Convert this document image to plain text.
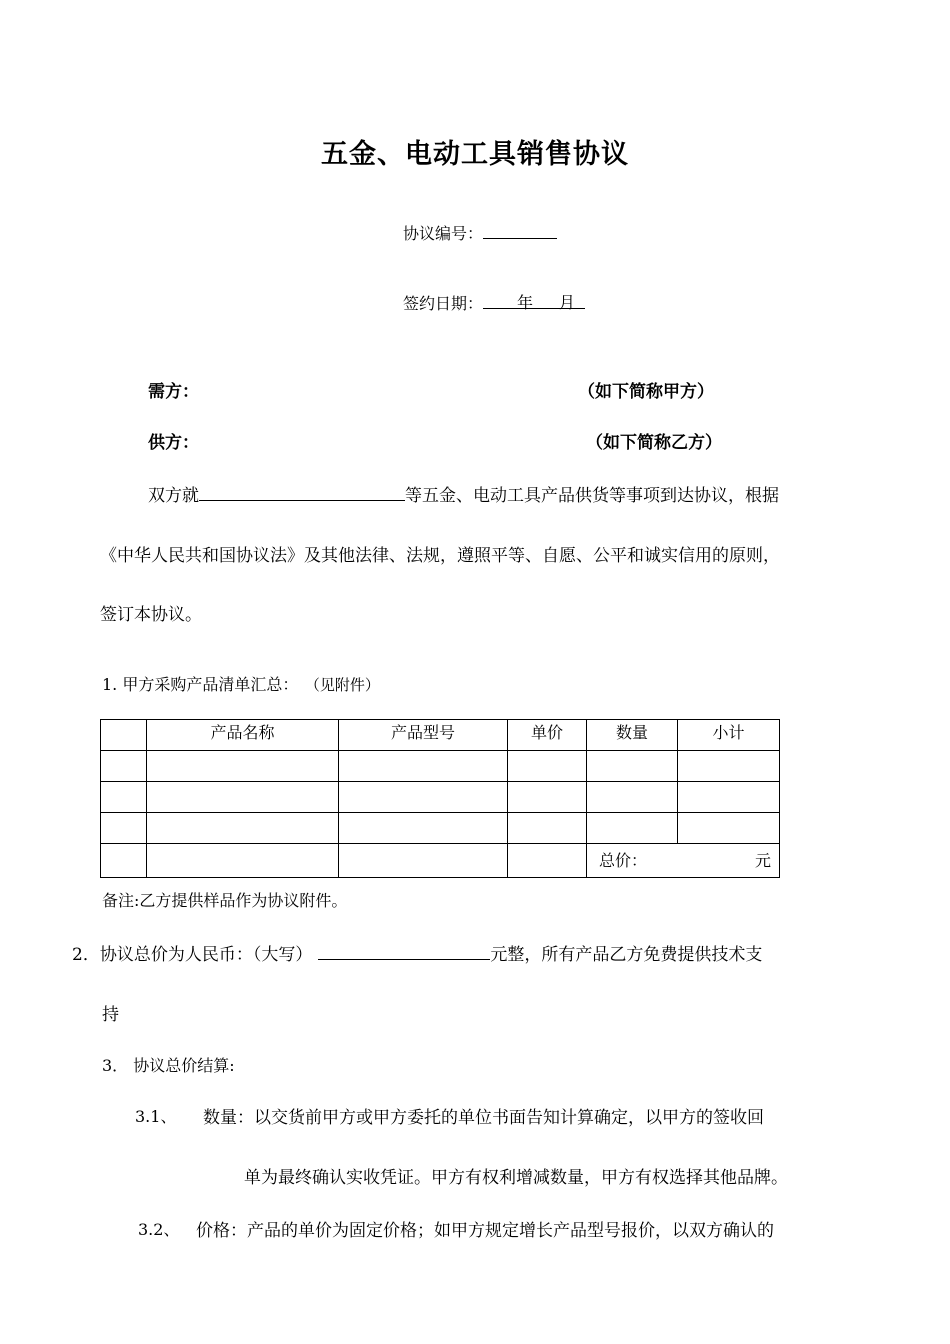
五金、电动工具销售协议
协议编号：
签约日期： 年 月
需方：	（如下简称甲方）
供方：	（如下简称乙方）
双方就	等五金、电动工具产品供货等事项到达协议，根据
《中华人民共和国协议法》及其他法律、法规，遵照平等、自愿、公平和诚实信用的原则，
签订本协议。
1. 甲方采购产品清单汇总： （见附件）
	产品名称	产品型号	单价	数量	小计

				总价： 元	
备注:乙方提供样品作为协议附件。
2．协议总价为人民币：（大写）	元整，所有产品乙方免费提供技术支
持
3． 协议总价结算:
3.1、 数量：以交货前甲方或甲方委托的单位书面告知计算确定，以甲方的签收回
单为最终确认实收凭证。甲方有权利增减数量，甲方有权选择其他品牌。
3.2、 价格：产品的单价为固定价格；如甲方规定增长产品型号报价，以双方确认的
